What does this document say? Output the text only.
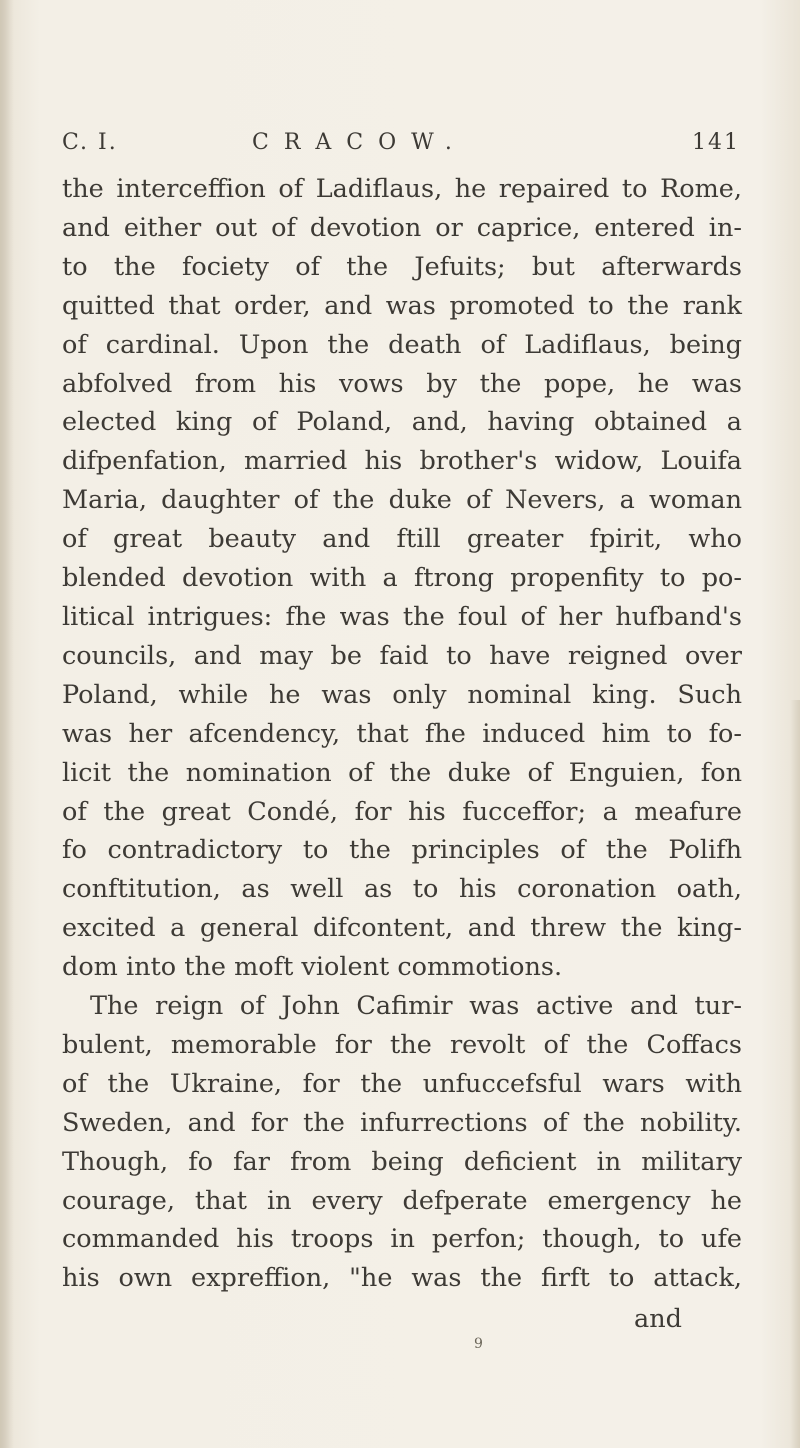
C. I.	CRACOW.	141
the interceffion of Ladiflaus, he repaired to Rome,
and either out of devotion or caprice, entered in-
to the fociety of the Jefuits; but afterwards
quitted that order, and was promoted to the rank
of cardinal. Upon the death of Ladiflaus, being
abfolved from his vows by the pope, he was
elected king of Poland, and, having obtained a
difpenfation, married his brother's widow, Louifa
Maria, daughter of the duke of Nevers, a woman
of great beauty and ftill greater fpirit, who
blended devotion with a ftrong propenfity to po-
litical intrigues: fhe was the foul of her hufband's
councils, and may be faid to have reigned over
Poland, while he was only nominal king. Such
was her afcendency, that fhe induced him to fo-
licit the nomination of the duke of Enguien, fon
of the great Condé, for his fucceffor; a meafure
fo contradictory to the principles of the Polifh
conftitution, as well as to his coronation oath,
excited a general difcontent, and threw the king-
dom into the moft violent commotions.
The reign of John Cafimir was active and tur-
bulent, memorable for the revolt of the Coffacs
of the Ukraine, for the unfuccefsful wars with
Sweden, and for the infurrections of the nobility.
Though, fo far from being deficient in military
courage, that in every defperate emergency he
commanded his troops in perfon; though, to ufe
his own expreffion, "he was the firft to attack,
and
9
